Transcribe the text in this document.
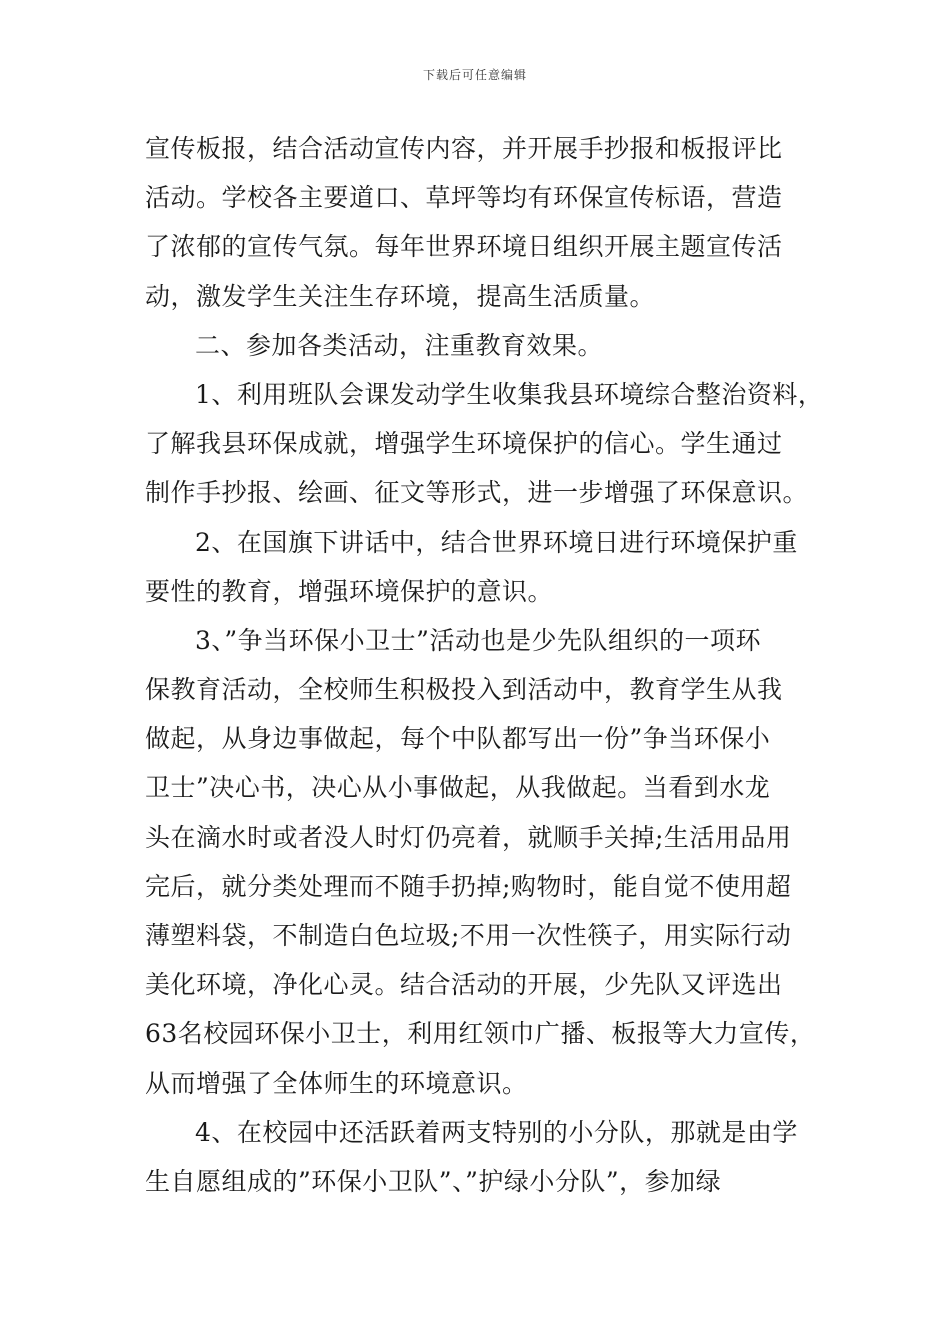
下载后可任意编辑
宣传板报，结合活动宣传内容，并开展手抄报和板报评比
活动。学校各主要道口、草坪等均有环保宣传标语，营造
了浓郁的宣传气氛。每年世界环境日组织开展主题宣传活
动，激发学生关注生存环境，提高生活质量。
二、参加各类活动，注重教育效果。
1、利用班队会课发动学生收集我县环境综合整治资料，
了解我县环保成就，增强学生环境保护的信心。学生通过
制作手抄报、绘画、征文等形式，进一步增强了环保意识。
2、在国旗下讲话中，结合世界环境日进行环境保护重
要性的教育，增强环境保护的意识。
3、”争当环保小卫士”活动也是少先队组织的一项环
保教育活动，全校师生积极投入到活动中，教育学生从我
做起，从身边事做起，每个中队都写出一份”争当环保小
卫士”决心书，决心从小事做起，从我做起。当看到水龙
头在滴水时或者没人时灯仍亮着，就顺手关掉;生活用品用
完后，就分类处理而不随手扔掉;购物时，能自觉不使用超
薄塑料袋，不制造白色垃圾;不用一次性筷子，用实际行动
美化环境，净化心灵。结合活动的开展，少先队又评选出
63名校园环保小卫士，利用红领巾广播、板报等大力宣传，
从而增强了全体师生的环境意识。
4、在校园中还活跃着两支特别的小分队，那就是由学
生自愿组成的”环保小卫队”、”护绿小分队”，参加绿
